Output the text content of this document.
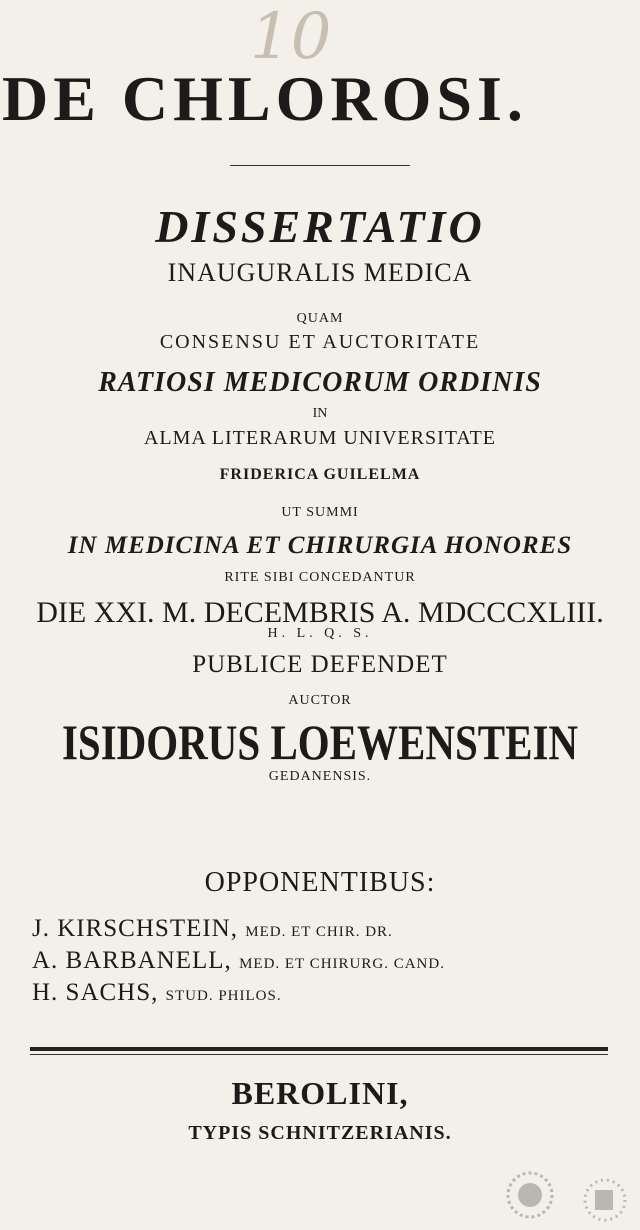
10
DE CHLOROSI.
DISSERTATIO
INAUGURALIS MEDICA
QUAM
CONSENSU ET AUCTORITATE
RATIOSI MEDICORUM ORDINIS
IN
ALMA LITERARUM UNIVERSITATE
FRIDERICA GUILELMA
UT SUMMI
IN MEDICINA ET CHIRURGIA HONORES
RITE SIBI CONCEDANTUR
DIE XXI. M. DECEMBRIS A. MDCCCXLIII.
H. L. Q. S.
PUBLICE DEFENDET
AUCTOR
ISIDORUS LOEWENSTEIN
GEDANENSIS.
OPPONENTIBUS:
J. KIRSCHSTEIN, MED. ET CHIR. DR.
A. BARBANELL, MED. ET CHIRURG. CAND.
H. SACHS, STUD. PHILOS.
BEROLINI,
TYPIS SCHNITZERIANIS.
